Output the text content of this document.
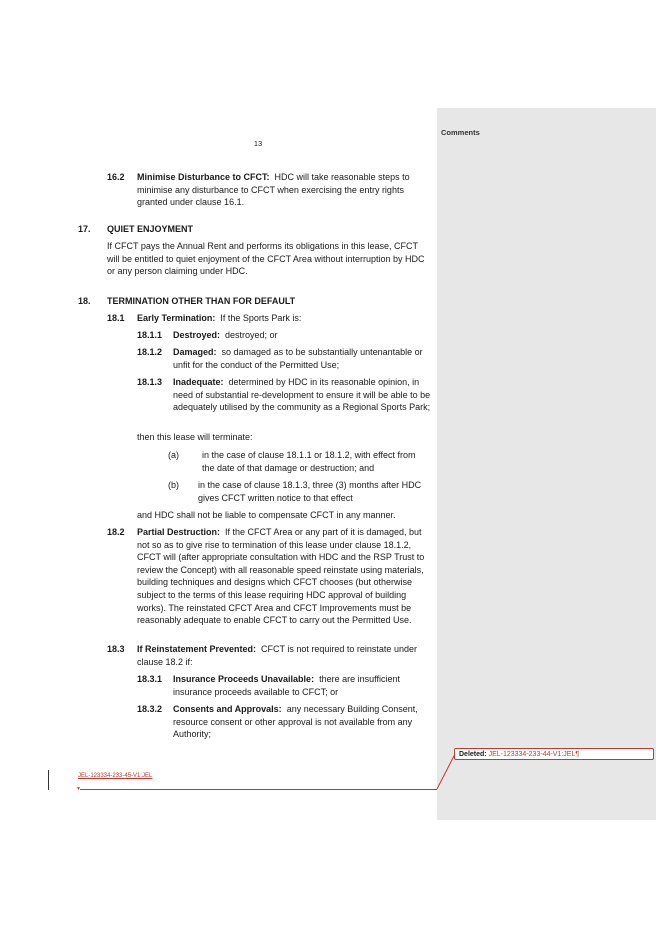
Comments
13
16.2 Minimise Disturbance to CFCT: HDC will take reasonable steps to minimise any disturbance to CFCT when exercising the entry rights granted under clause 16.1.
17. QUIET ENJOYMENT
If CFCT pays the Annual Rent and performs its obligations in this lease, CFCT will be entitled to quiet enjoyment of the CFCT Area without interruption by HDC or any person claiming under HDC.
18. TERMINATION OTHER THAN FOR DEFAULT
18.1 Early Termination: If the Sports Park is:
18.1.1 Destroyed: destroyed; or
18.1.2 Damaged: so damaged as to be substantially untenantable or unfit for the conduct of the Permitted Use;
18.1.3 Inadequate: determined by HDC in its reasonable opinion, in need of substantial re-development to ensure it will be able to be adequately utilised by the community as a Regional Sports Park;
then this lease will terminate:
(a)	in the case of clause 18.1.1 or 18.1.2, with effect from the date of that damage or destruction; and
(b) in the case of clause 18.1.3, three (3) months after HDC gives CFCT written notice to that effect
and HDC shall not be liable to compensate CFCT in any manner.
18.2 Partial Destruction: If the CFCT Area or any part of it is damaged, but not so as to give rise to termination of this lease under clause 18.1.2, CFCT will (after appropriate consultation with HDC and the RSP Trust to review the Concept) with all reasonable speed reinstate using materials, building techniques and designs which CFCT chooses (but otherwise subject to the terms of this lease requiring HDC approval of building works). The reinstated CFCT Area and CFCT Improvements must be reasonably adequate to enable CFCT to carry out the Permitted Use.
18.3 If Reinstatement Prevented: CFCT is not required to reinstate under clause 18.2 if:
18.3.1 Insurance Proceeds Unavailable: there are insufficient insurance proceeds available to CFCT; or
18.3.2 Consents and Approvals: any necessary Building Consent, resource consent or other approval is not available from any Authority;
Deleted: JEL-123334-233-44-V1:JEL¶
JEL-123334-233-45-V1:JEL
▼
